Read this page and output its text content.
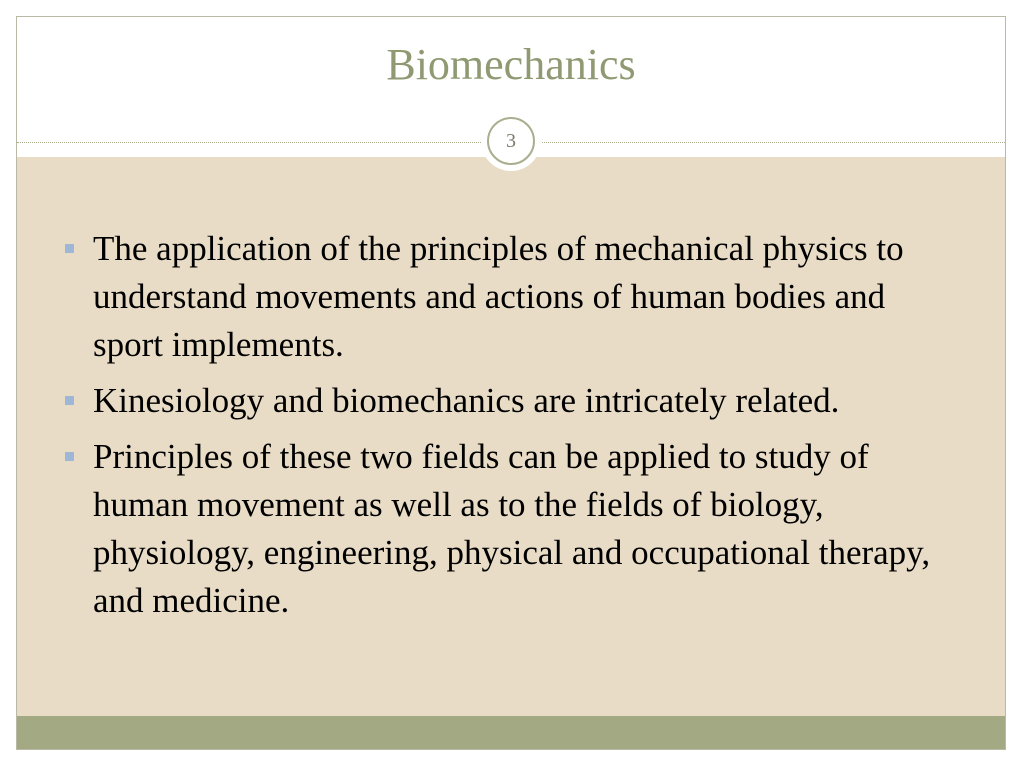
Biomechanics
3
The application of the principles of mechanical physics to understand movements and actions of human bodies and sport implements.
Kinesiology and biomechanics are intricately related.
Principles of these two fields can be applied to study of human movement as well as to the fields of biology, physiology, engineering, physical and occupational therapy, and medicine.
